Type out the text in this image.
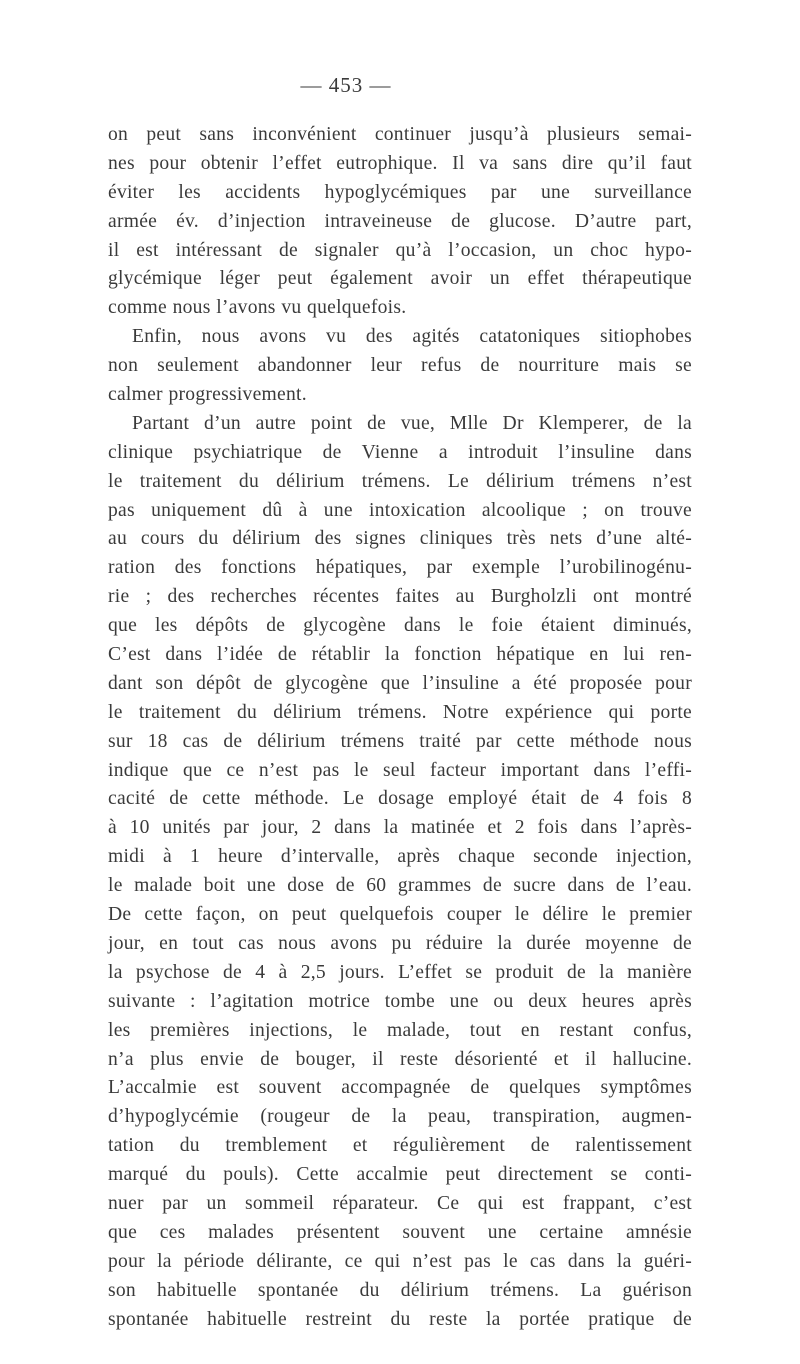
— 453 —
on peut sans inconvénient continuer jusqu’à plusieurs semai-
nes pour obtenir l’effet eutrophique. Il va sans dire qu’il faut
éviter les accidents hypoglycémiques par une surveillance
armée év. d’injection intraveineuse de glucose. D’autre part,
il est intéressant de signaler qu’à l’occasion, un choc hypo-
glycémique léger peut également avoir un effet thérapeutique
comme nous l’avons vu quelquefois.
Enfin, nous avons vu des agités catatoniques sitiophobes
non seulement abandonner leur refus de nourriture mais se
calmer progressivement.
Partant d’un autre point de vue, Mlle Dr Klemperer, de la
clinique psychiatrique de Vienne a introduit l’insuline dans
le traitement du délirium trémens. Le délirium trémens n’est
pas uniquement dû à une intoxication alcoolique ; on trouve
au cours du délirium des signes cliniques très nets d’une alté-
ration des fonctions hépatiques, par exemple l’urobilinogénu-
rie ; des recherches récentes faites au Burgholzli ont montré
que les dépôts de glycogène dans le foie étaient diminués,
C’est dans l’idée de rétablir la fonction hépatique en lui ren-
dant son dépôt de glycogène que l’insuline a été proposée pour
le traitement du délirium trémens. Notre expérience qui porte
sur 18 cas de délirium trémens traité par cette méthode nous
indique que ce n’est pas le seul facteur important dans l’effi-
cacité de cette méthode. Le dosage employé était de 4 fois 8
à 10 unités par jour, 2 dans la matinée et 2 fois dans l’après-
midi à 1 heure d’intervalle, après chaque seconde injection,
le malade boit une dose de 60 grammes de sucre dans de l’eau.
De cette façon, on peut quelquefois couper le délire le premier
jour, en tout cas nous avons pu réduire la durée moyenne de
la psychose de 4 à 2,5 jours. L’effet se produit de la manière
suivante : l’agitation motrice tombe une ou deux heures après
les premières injections, le malade, tout en restant confus,
n’a plus envie de bouger, il reste désorienté et il hallucine.
L’accalmie est souvent accompagnée de quelques symptômes
d’hypoglycémie (rougeur de la peau, transpiration, augmen-
tation du tremblement et régulièrement de ralentissement
marqué du pouls). Cette accalmie peut directement se conti-
nuer par un sommeil réparateur. Ce qui est frappant, c’est
que ces malades présentent souvent une certaine amnésie
pour la période délirante, ce qui n’est pas le cas dans la guéri-
son habituelle spontanée du délirium trémens. La guérison
spontanée habituelle restreint du reste la portée pratique de
